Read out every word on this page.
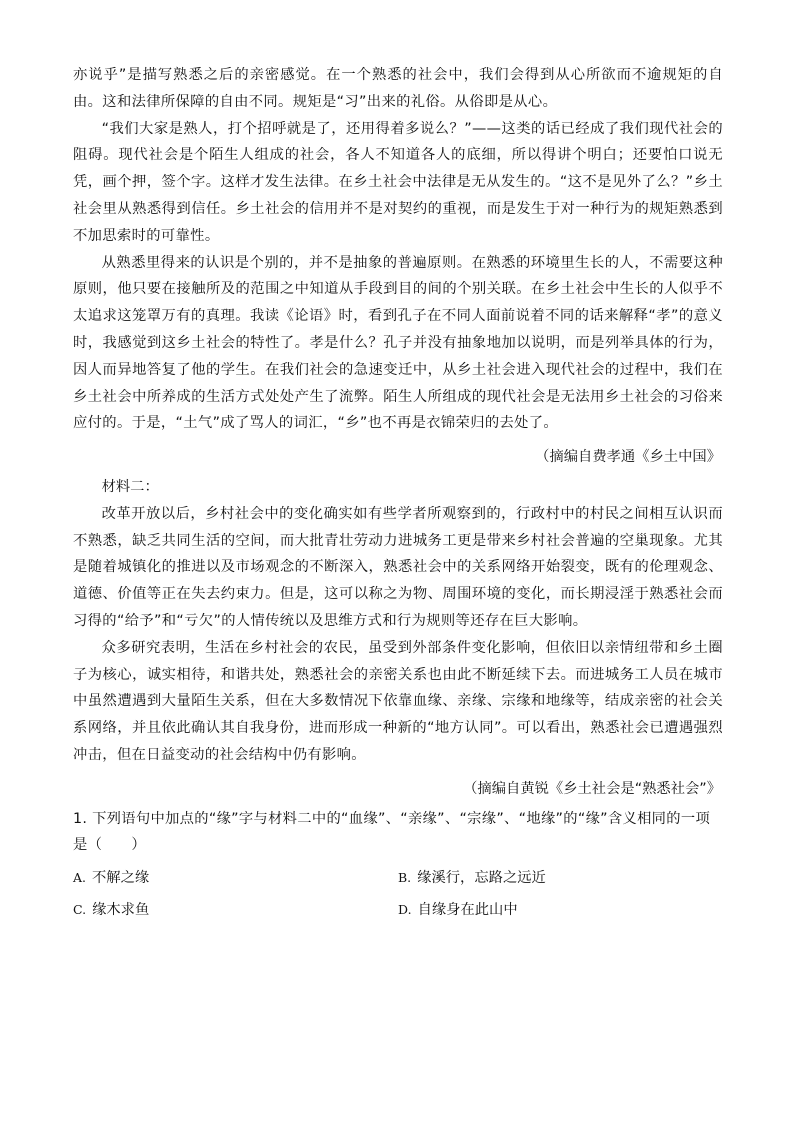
亦说乎”是描写熟悉之后的亲密感觉。在一个熟悉的社会中，我们会得到从心所欲而不逾规矩的自由。这和法律所保障的自由不同。规矩是“习”出来的礼俗。从俗即是从心。

“我们大家是熟人，打个招呼就是了，还用得着多说么？”——这类的话已经成了我们现代社会的阻碍。现代社会是个陌生人组成的社会，各人不知道各人的底细，所以得讲个明白；还要怕口说无凭，画个押，签个字。这样才发生法律。在乡土社会中法律是无从发生的。“这不是见外了么？”乡土社会里从熟悉得到信任。乡土社会的信用并不是对契约的重视，而是发生于对一种行为的规矩熟悉到不加思索时的可靠性。

从熟悉里得来的认识是个别的，并不是抽象的普遍原则。在熟悉的环境里生长的人，不需要这种原则，他只要在接触所及的范围之中知道从手段到目的间的个别关联。在乡土社会中生长的人似乎不太追求这笼罩万有的真理。我读《论语》时，看到孔子在不同人面前说着不同的话来解释“孝”的意义时，我感觉到这乡土社会的特性了。孝是什么？孔子并没有抽象地加以说明，而是列举具体的行为，因人而异地答复了他的学生。在我们社会的急速变迁中，从乡土社会进入现代社会的过程中，我们在乡土社会中所养成的生活方式处处产生了流弊。陌生人所组成的现代社会是无法用乡土社会的习俗来应付的。于是，“土气”成了骂人的词汇，“乡”也不再是衣锦荣归的去处了。

（摘编自费孝通《乡土中国》

材料二：

改革开放以后，乡村社会中的变化确实如有些学者所观察到的，行政村中的村民之间相互认识而不熟悉，缺乏共同生活的空间，而大批青壮劳动力进城务工更是带来乡村社会普遍的空巢现象。尤其是随着城镇化的推进以及市场观念的不断深入，熟悉社会中的关系网络开始裂变，既有的伦理观念、道德、价值等正在失去约束力。但是，这可以称之为物、周围环境的变化，而长期浸淫于熟悉社会而习得的“给予”和“亏欠”的人情传统以及思维方式和行为规则等还存在巨大影响。

众多研究表明，生活在乡村社会的农民，虽受到外部条件变化影响，但依旧以亲情纽带和乡土圈子为核心，诚实相待，和谐共处，熟悉社会的亲密关系也由此不断延续下去。而进城务工人员在城市中虽然遭遇到大量陌生关系，但在大多数情况下依靠血缘、亲缘、宗缘和地缘等，结成亲密的社会关系网络，并且依此确认其自我身份，进而形成一种新的“地方认同”。可以看出，熟悉社会已遭遇强烈冲击，但在日益变动的社会结构中仍有影响。

（摘编自黄锐《乡土社会是“熟悉社会”》

1. 下列语句中加点的“缘”字与材料二中的“血缘”、“亲缘”、“宗缘”、“地缘”的“缘”含义相同的一项是（　　）

A. 不解之缘	B. 缘溪行，忘路之远近
C. 缘木求鱼	D. 自缘身在此山中
